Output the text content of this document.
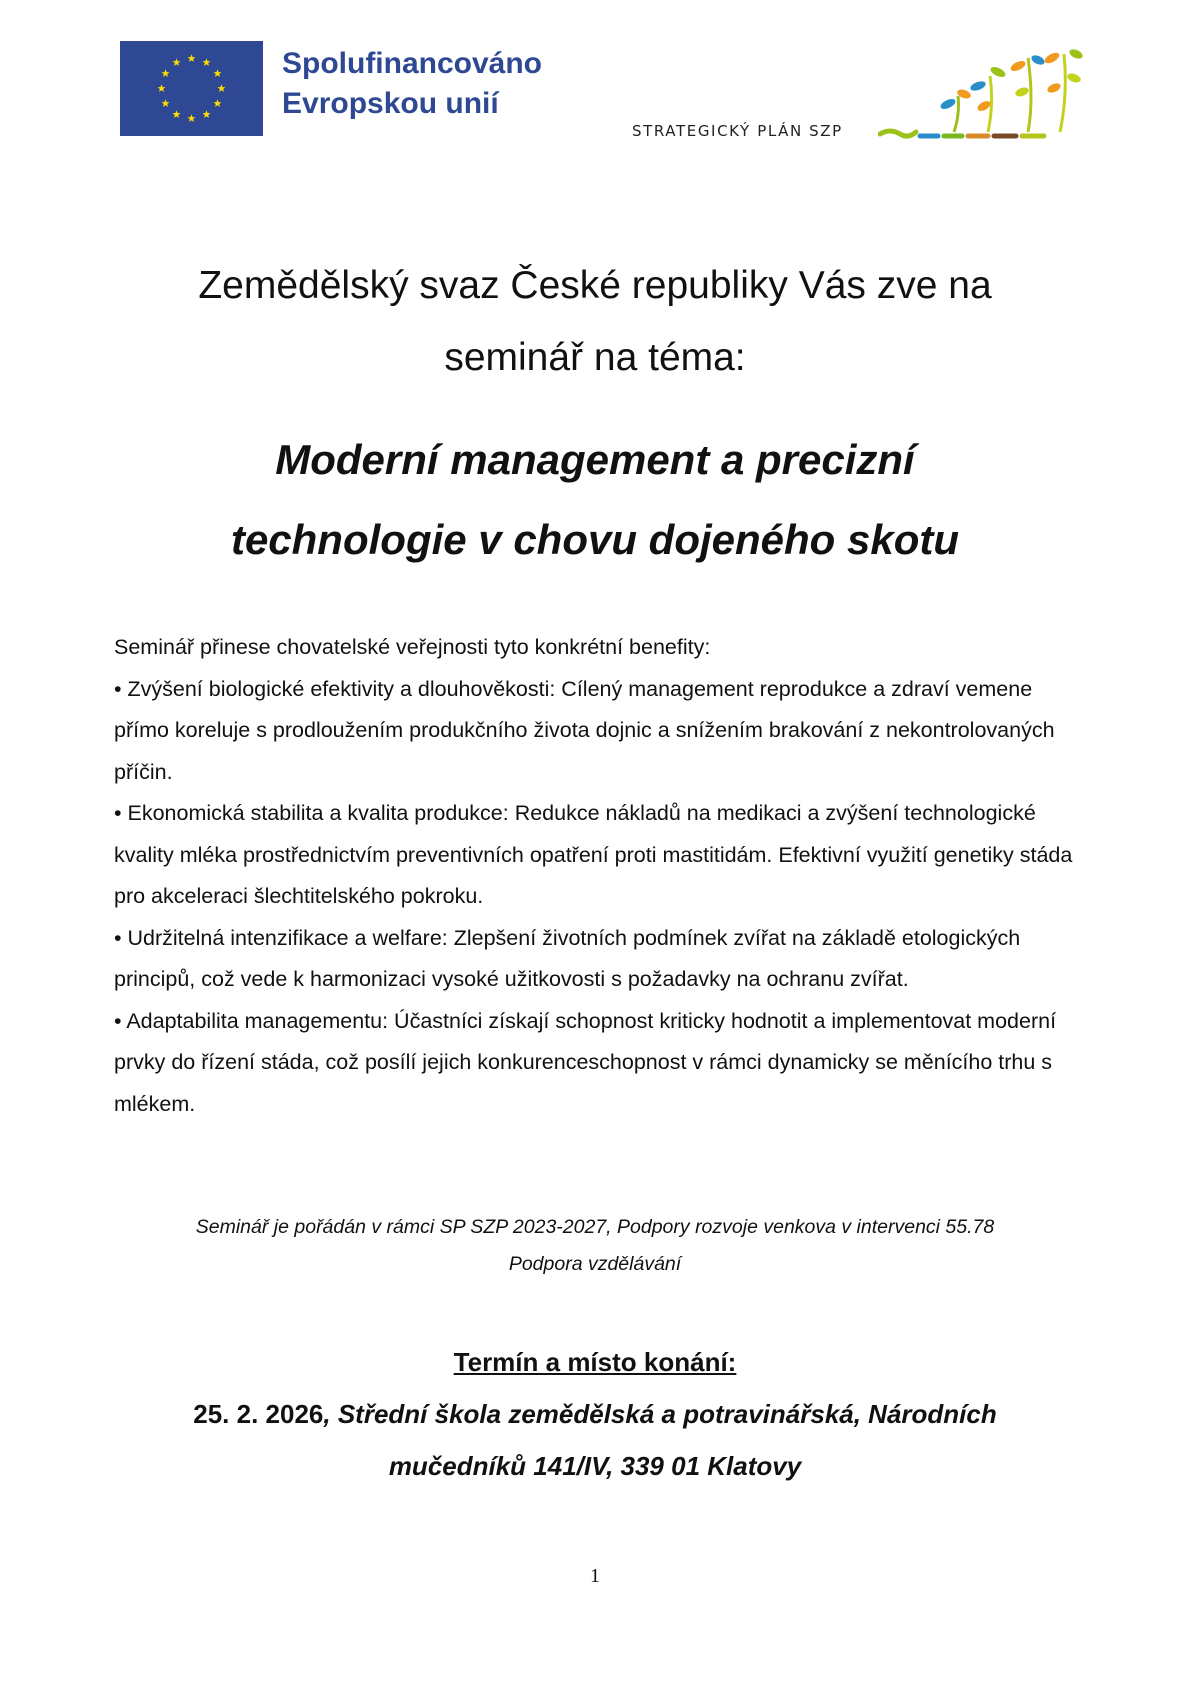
Spolufinancováno
Evropskou unií
STRATEGICKÝ PLÁN SZP
Zemědělský svaz České republiky Vás zve na
seminář na téma:
Moderní management a precizní
technologie v chovu dojeného skotu

Seminář přinese chovatelské veřejnosti tyto konkrétní benefity:

• Zvýšení biologické efektivity a dlouhověkosti: Cílený management reprodukce a zdraví vemene přímo koreluje s prodloužením produkčního života dojnic a snížením brakování z nekontrolovaných příčin.

• Ekonomická stabilita a kvalita produkce: Redukce nákladů na medikaci a zvýšení technologické kvality mléka prostřednictvím preventivních opatření proti mastitidám. Efektivní využití genetiky stáda pro akceleraci šlechtitelského pokroku.

• Udržitelná intenzifikace a welfare: Zlepšení životních podmínek zvířat na základě etologických principů, což vede k harmonizaci vysoké užitkovosti s požadavky na ochranu zvířat.

• Adaptabilita managementu: Účastníci získají schopnost kriticky hodnotit a implementovat moderní prvky do řízení stáda, což posílí jejich konkurenceschopnost v rámci dynamicky se měnícího trhu s mlékem.

Seminář je pořádán v rámci SP SZP 2023-2027, Podpory rozvoje venkova v intervenci 55.78
Podpora vzdělávání
Termín a místo konání:
25. 2. 2026, Střední škola zemědělská a potravinářská, Národních
mučedníků 141/IV, 339 01 Klatovy
1
